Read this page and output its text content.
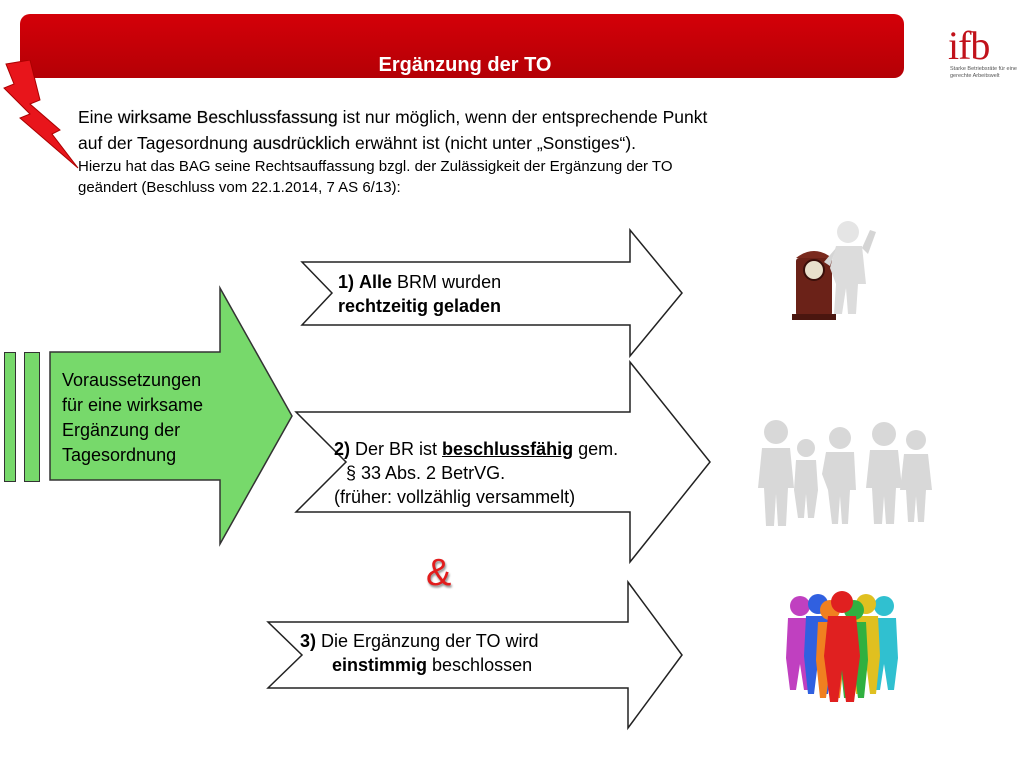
Ergänzung der TO	ifb
Starke Betriebsräte für eine gerechte Arbeitswelt
Eine wirksame Beschlussfassung ist nur möglich, wenn der entsprechende Punkt
auf der Tagesordnung ausdrücklich erwähnt ist (nicht unter „Sonstiges“).
Hierzu hat das BAG seine Rechtsauffassung bzgl. der Zulässigkeit der Ergänzung der TO
geändert (Beschluss vom 22.1.2014, 7 AS 6/13):
Voraussetzungen
für eine wirksame
Ergänzung der
Tagesordnung
1) Alle BRM wurden
rechtzeitig geladen
2) Der BR ist beschlussfähig gem.
§ 33 Abs. 2 BetrVG.
(früher: vollzählig versammelt)
&
3) Die Ergänzung der TO wird
einstimmig beschlossen
